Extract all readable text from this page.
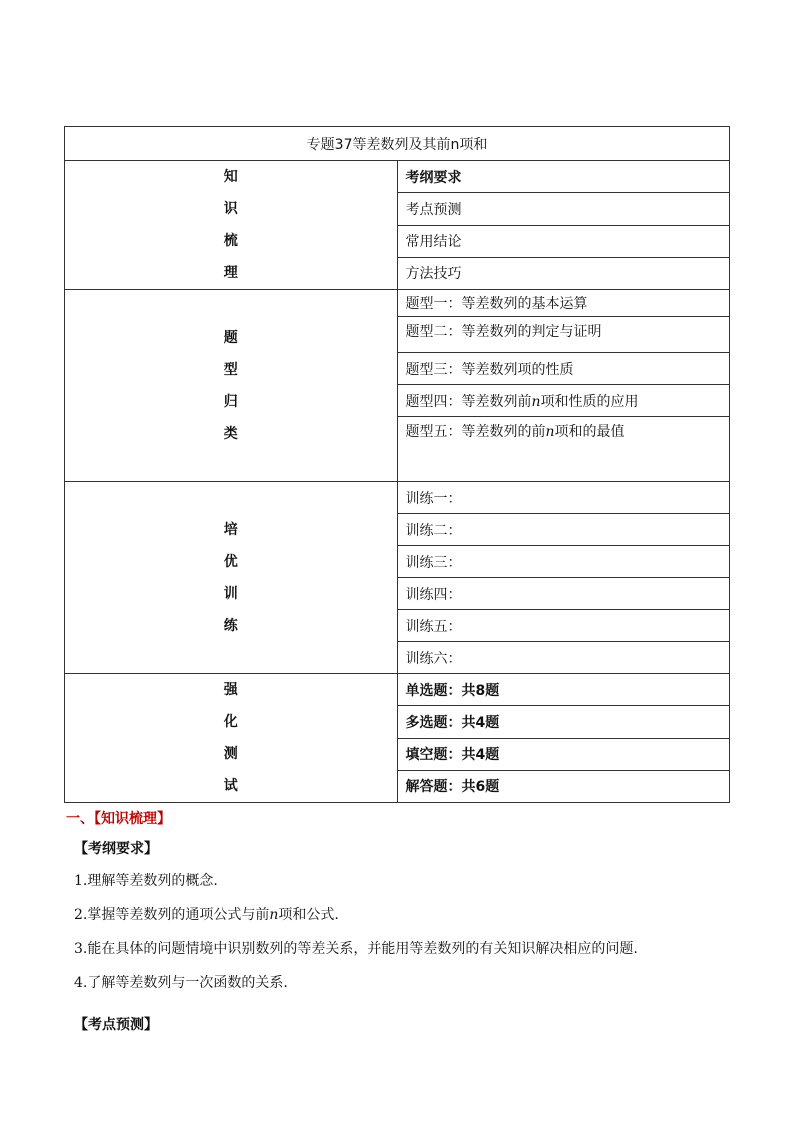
专题37等差数列及其前n项和	

知
识
梳
理	考纲要求
	考点预测
	常用结论
	方法技巧

题
型
归
类	题型一：等差数列的基本运算
	题型二：等差数列的判定与证明
	题型三：等差数列项的性质
	题型四：等差数列前n项和性质的应用
	题型五：等差数列的前n项和的最值

培
优
训
练	训练一：
	训练二：
	训练三：
	训练四：
	训练五：
	训练六：

强
化
测
试	单选题：共8题
	多选题：共4题
	填空题：共4题
	解答题：共6题
一、【知识梳理】
【考纲要求】
1.理解等差数列的概念.
2.掌握等差数列的通项公式与前n项和公式.
3.能在具体的问题情境中识别数列的等差关系，并能用等差数列的有关知识解决相应的问题.
4.了解等差数列与一次函数的关系.
【考点预测】
